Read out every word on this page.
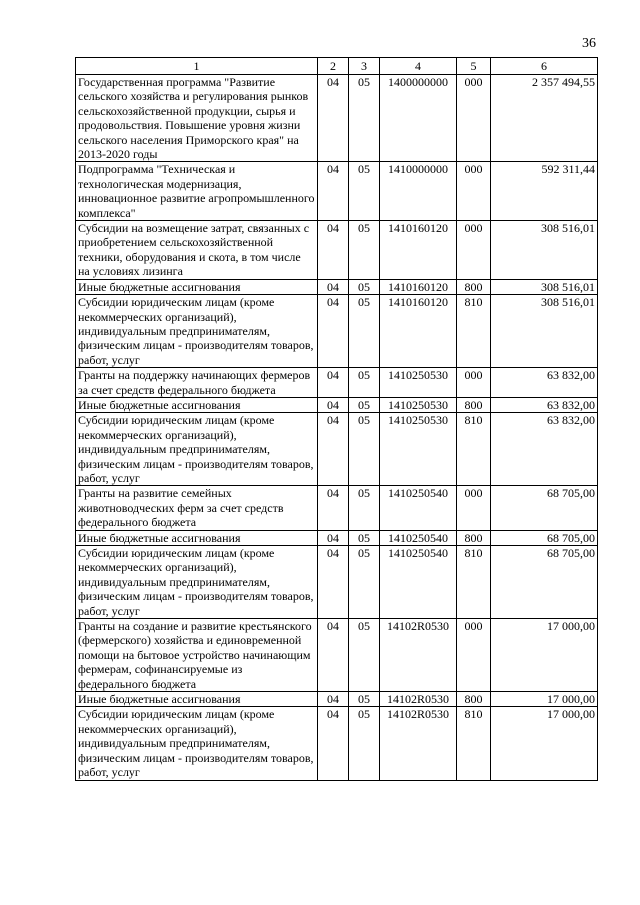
36
1	2	3	4	5	6
Государственная программа "Развитие сельского хозяйства и регулирования рынков сельскохозяйственной продукции, сырья и продовольствия. Повышение уровня жизни сельского населения Приморского края" на 2013-2020 годы	04	05	1400000000	000	2 357 494,55
Подпрограмма "Техническая и технологическая модернизация, инновационное развитие агропромышленного комплекса"	04	05	1410000000	000	592 311,44
Субсидии на возмещение затрат, связанных с приобретением сельскохозяйственной техники, оборудования и скота, в том числе на условиях лизинга	04	05	1410160120	000	308 516,01
Иные бюджетные ассигнования	04	05	1410160120	800	308 516,01
Субсидии юридическим лицам (кроме некоммерческих организаций), индивидуальным предпринимателям, физическим лицам - производителям товаров, работ, услуг	04	05	1410160120	810	308 516,01
Гранты на поддержку начинающих фермеров за счет средств федерального бюджета	04	05	1410250530	000	63 832,00
Иные бюджетные ассигнования	04	05	1410250530	800	63 832,00
Субсидии юридическим лицам (кроме некоммерческих организаций), индивидуальным предпринимателям, физическим лицам - производителям товаров, работ, услуг	04	05	1410250530	810	63 832,00
Гранты на развитие семейных животноводческих ферм за счет средств федерального бюджета	04	05	1410250540	000	68 705,00
Иные бюджетные ассигнования	04	05	1410250540	800	68 705,00
Субсидии юридическим лицам (кроме некоммерческих организаций), индивидуальным предпринимателям, физическим лицам - производителям товаров, работ, услуг	04	05	1410250540	810	68 705,00
Гранты на создание и развитие крестьянского (фермерского) хозяйства и единовременной помощи на бытовое устройство начинающим фермерам, софинансируемые из федерального бюджета	04	05	14102R0530	000	17 000,00
Иные бюджетные ассигнования	04	05	14102R0530	800	17 000,00
Субсидии юридическим лицам (кроме некоммерческих организаций), индивидуальным предпринимателям, физическим лицам - производителям товаров, работ, услуг	04	05	14102R0530	810	17 000,00
